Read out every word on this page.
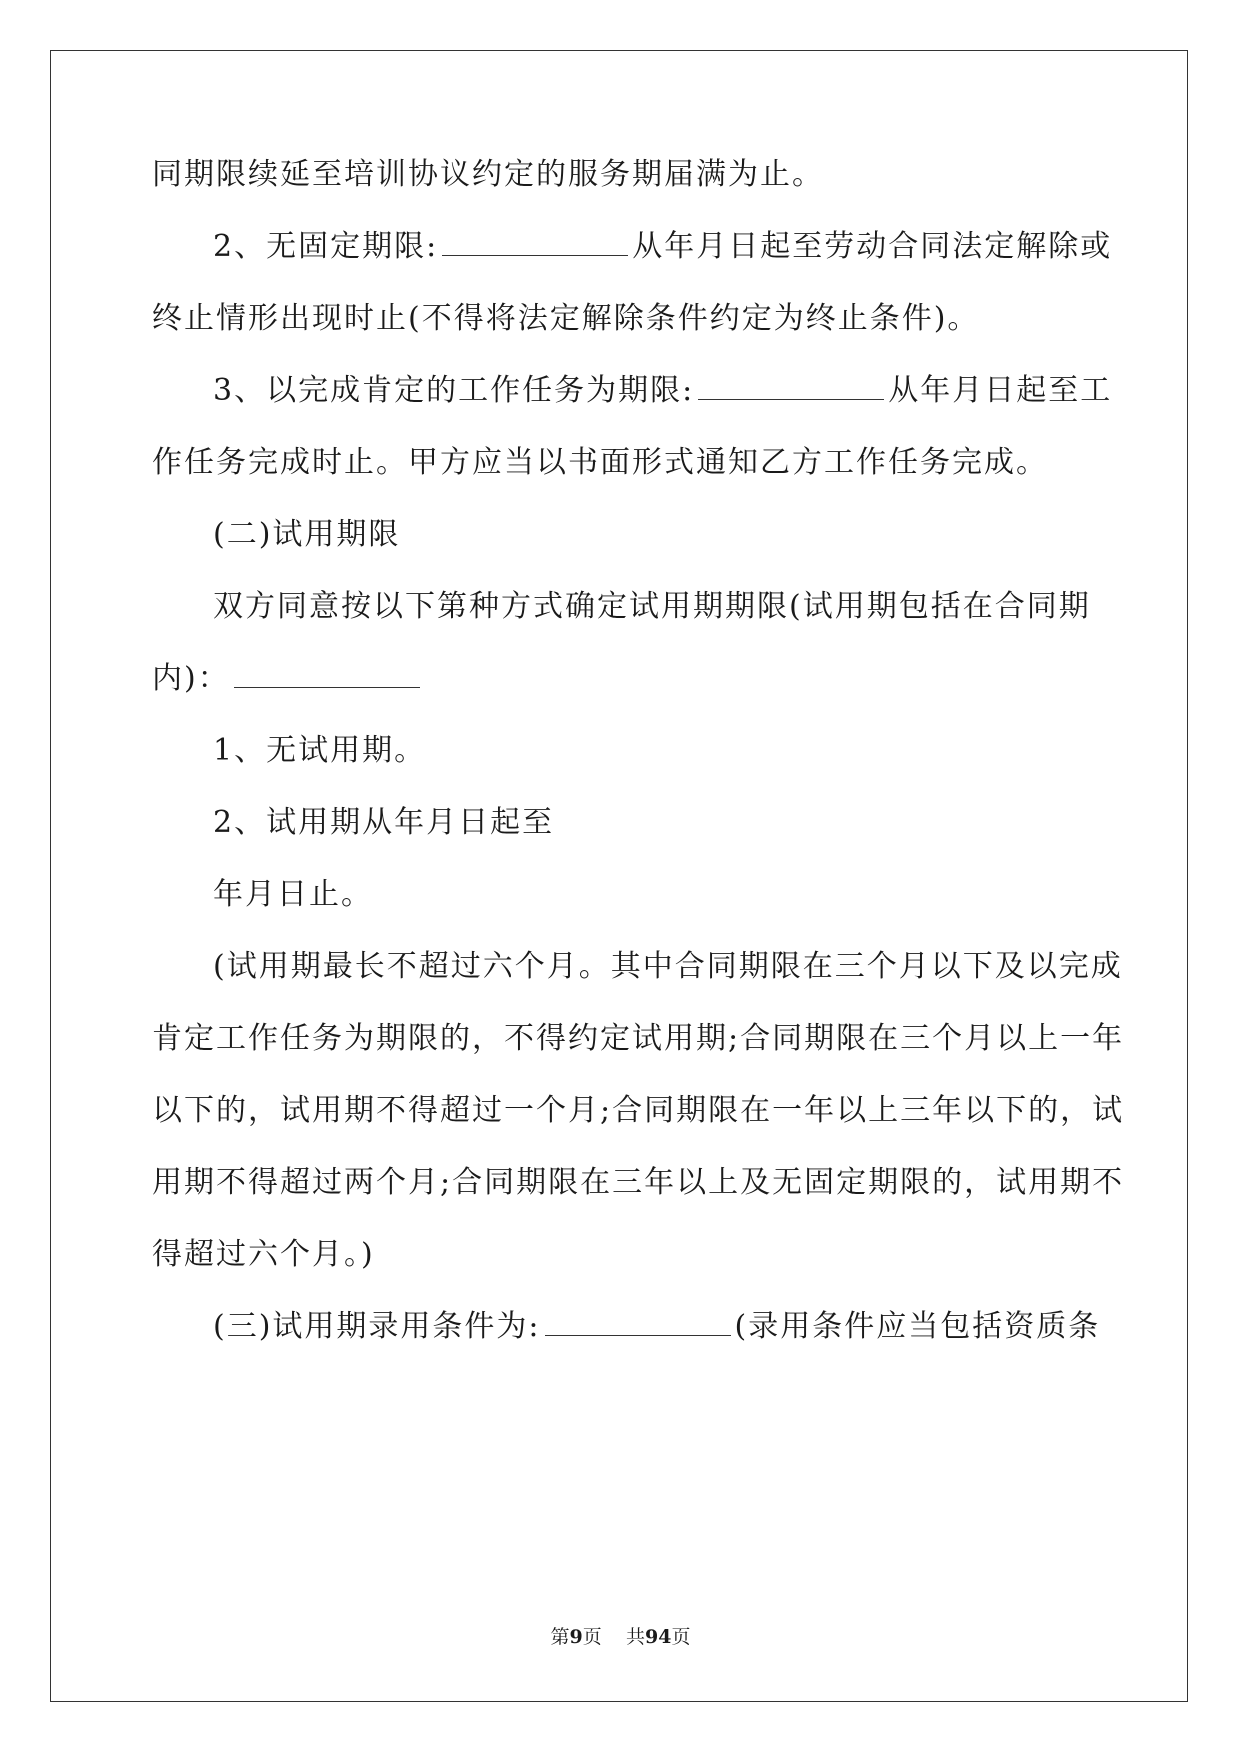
同期限续延至培训协议约定的服务期届满为止。
2、无固定期限:	从年月日起至劳动合同法定解除或
终止情形出现时止(不得将法定解除条件约定为终止条件)。
3、以完成肯定的工作任务为期限:	从年月日起至工
作任务完成时止。甲方应当以书面形式通知乙方工作任务完成。
(二)试用期限
双方同意按以下第种方式确定试用期期限(试用期包括在合同期
内)：
1、无试用期。
2、试用期从年月日起至
年月日止。
(试用期最长不超过六个月。其中合同期限在三个月以下及以完成
肯定工作任务为期限的，不得约定试用期;合同期限在三个月以上一年
以下的，试用期不得超过一个月;合同期限在一年以上三年以下的，试
用期不得超过两个月;合同期限在三年以上及无固定期限的，试用期不
得超过六个月。)
(三)试用期录用条件为:	(录用条件应当包括资质条
第9页 共94页
